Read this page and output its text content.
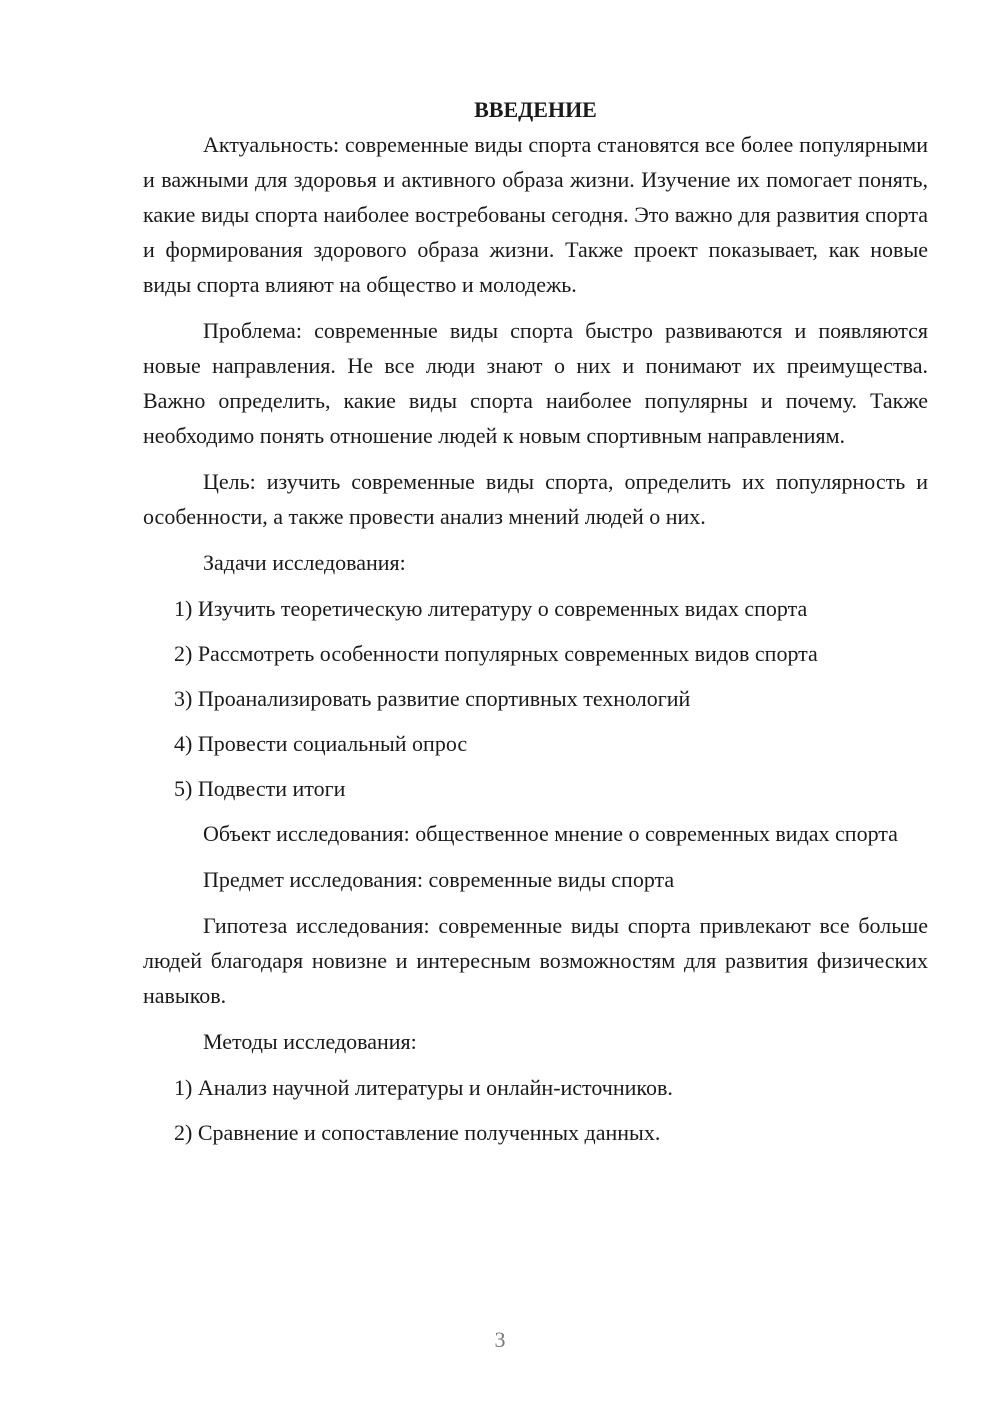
ВВЕДЕНИЕ

Актуальность: современные виды спорта становятся все более популярными и важными для здоровья и активного образа жизни. Изучение их помогает понять, какие виды спорта наиболее востребованы сегодня. Это важно для развития спорта и формирования здорового образа жизни. Также проект показывает, как новые виды спорта влияют на общество и молодежь.

Проблема: современные виды спорта быстро развиваются и появляются новые направления. Не все люди знают о них и понимают их преимущества. Важно определить, какие виды спорта наиболее популярны и почему. Также необходимо понять отношение людей к новым спортивным направлениям.

Цель: изучить современные виды спорта, определить их популярность и особенности, а также провести анализ мнений людей о них.

Задачи исследования:

1) Изучить теоретическую литературу о современных видах спорта
2) Рассмотреть особенности популярных современных видов спорта
3) Проанализировать развитие спортивных технологий
4) Провести социальный опрос
5) Подвести итоги

Объект исследования: общественное мнение о современных видах спорта

Предмет исследования: современные виды спорта

Гипотеза исследования: современные виды спорта привлекают все больше людей благодаря новизне и интересным возможностям для развития физических навыков.

Методы исследования:

1) Анализ научной литературы и онлайн-источников.
2) Сравнение и сопоставление полученных данных.
3
